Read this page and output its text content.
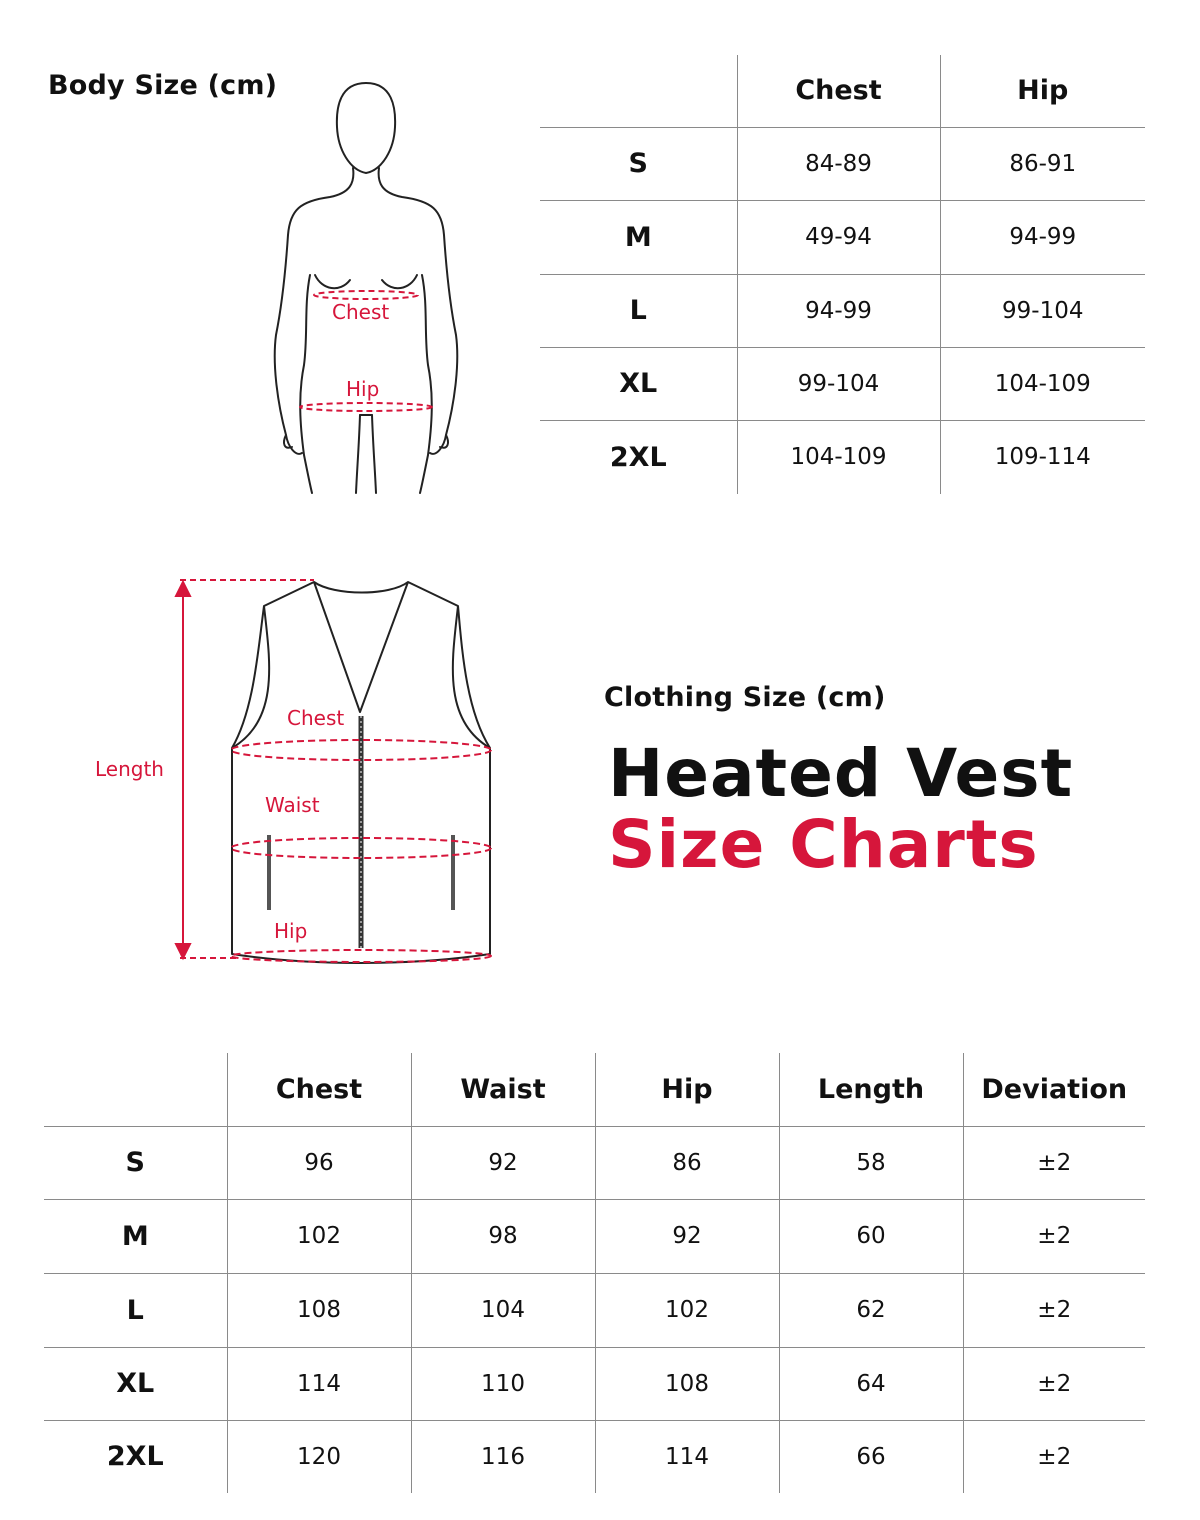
Body Size (cm)
Chest
Hip
	Chest	Hip
S	84-89	86-91
M	49-94	94-99
L	94-99	99-104
XL	99-104	104-109
2XL	104-109	109-114
Length
Chest
Waist
Hip
Clothing Size (cm)
Heated Vest
Size Charts
	Chest	Waist	Hip	Length	Deviation
S	96	92	86	58	±2
M	102	98	92	60	±2
L	108	104	102	62	±2
XL	114	110	108	64	±2
2XL	120	116	114	66	±2
